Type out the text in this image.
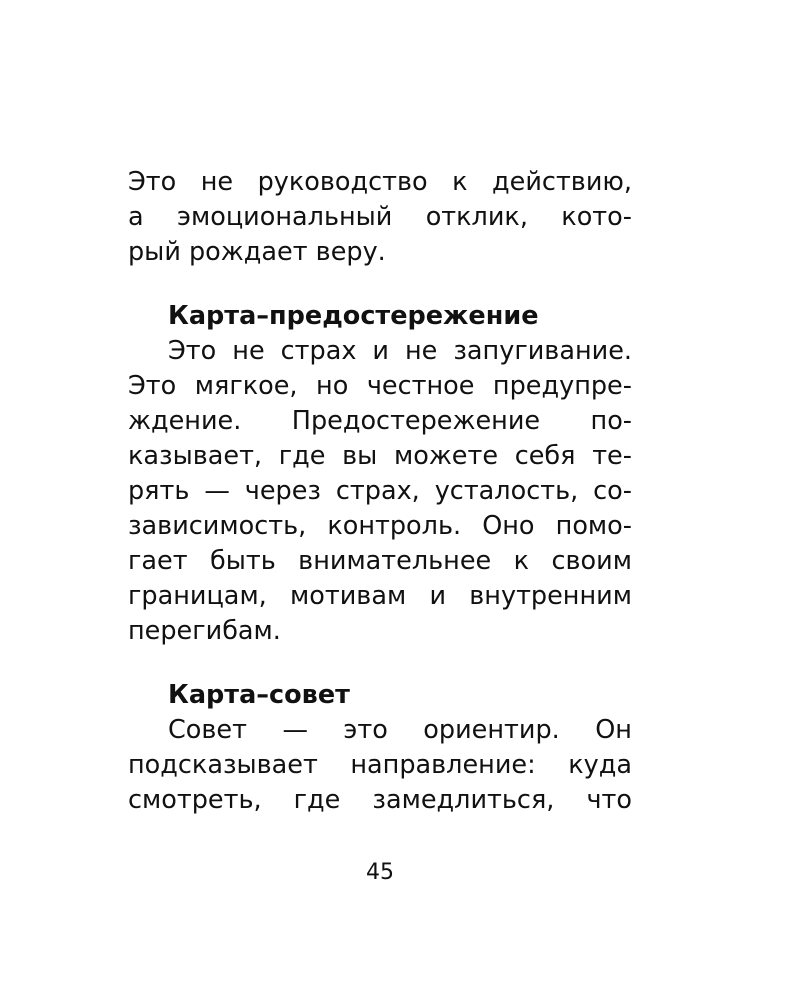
Это не руководство к действию,
а эмоциональный отклик, кото-
рый рождает веру.
Карта–предостережение
Это не страх и не запугивание.
Это мягкое, но честное предупре-
ждение. Предостережение по-
казывает, где вы можете себя те-
рять — через страх, усталость, со-
зависимость, контроль. Оно помо-
гает быть внимательнее к своим
границам, мотивам и внутренним
перегибам.
Карта–совет
Совет — это ориентир. Он
подсказывает направление: куда
смотреть, где замедлиться, что
45
